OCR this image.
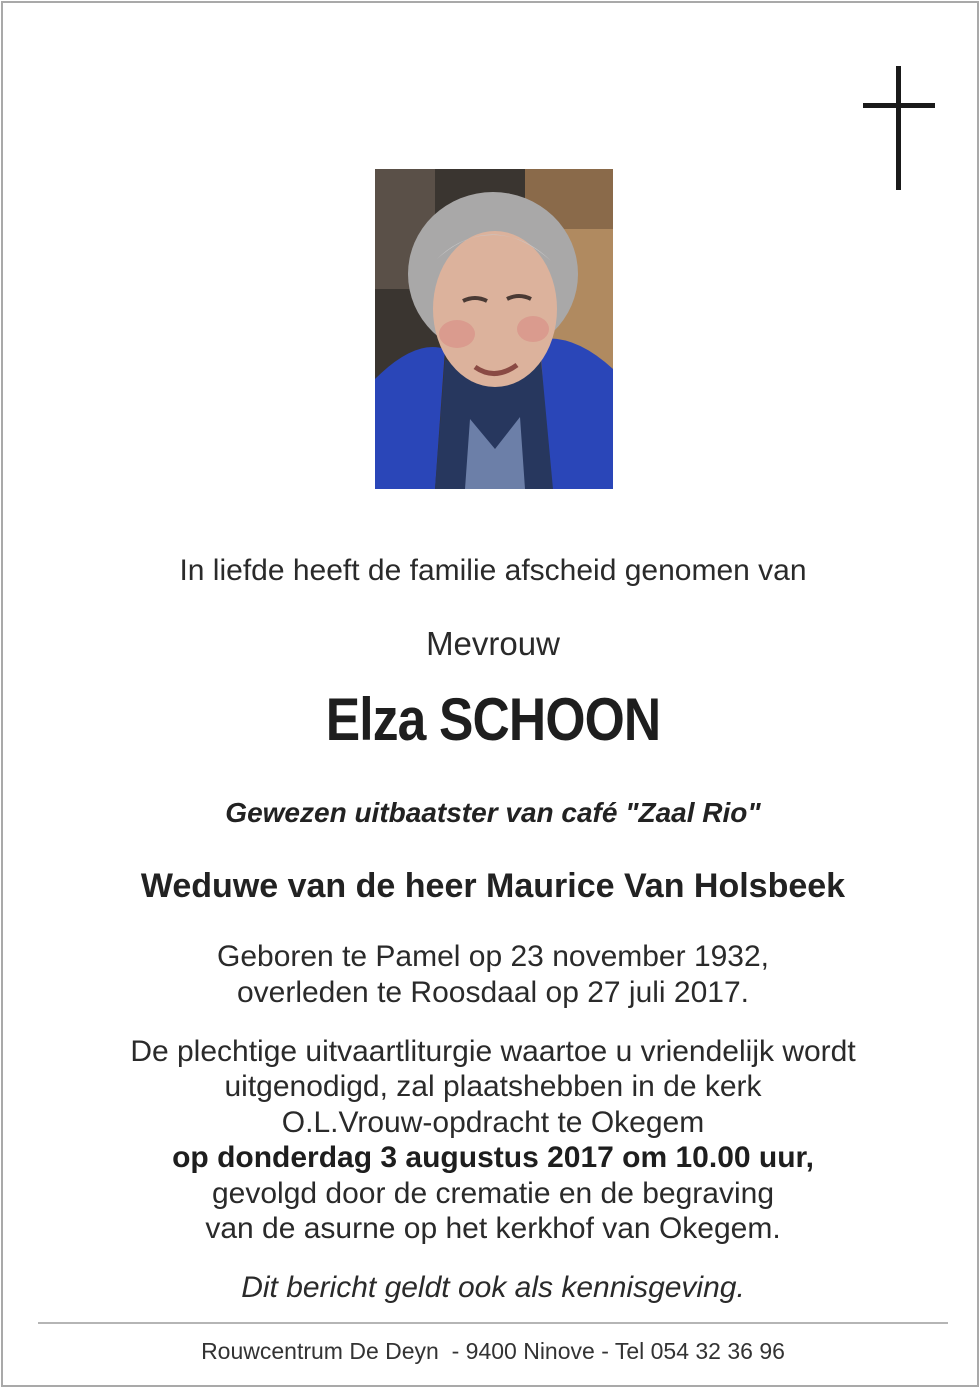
In liefde heeft de familie afscheid genomen van
Mevrouw
Elza SCHOON
Gewezen uitbaatster van café "Zaal Rio"
Weduwe van de heer Maurice Van Holsbeek
Geboren te Pamel op 23 november 1932,
overleden te Roosdaal op 27 juli 2017.
De plechtige uitvaartliturgie waartoe u vriendelijk wordt
uitgenodigd, zal plaatshebben in de kerk
O.L.Vrouw-opdracht te Okegem
op donderdag 3 augustus 2017 om 10.00 uur,
gevolgd door de crematie en de begraving
van de asurne op het kerkhof van Okegem.
Dit bericht geldt ook als kennisgeving.
Rouwcentrum De Deyn  - 9400 Ninove - Tel 054 32 36 96
